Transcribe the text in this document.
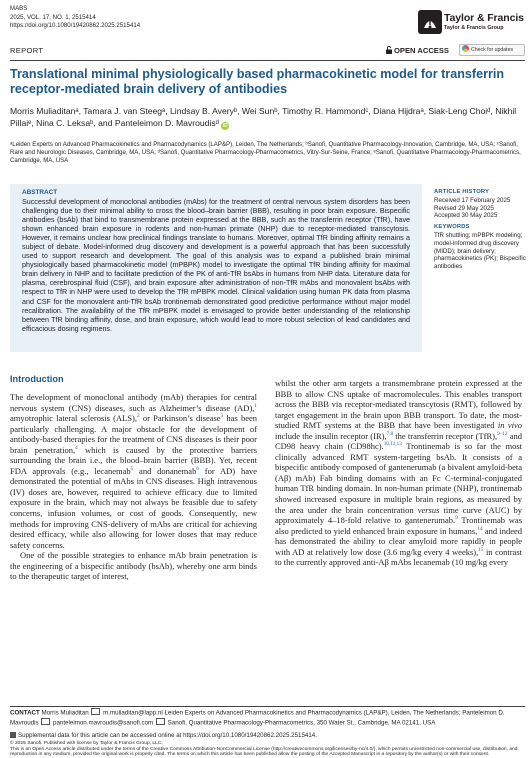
MABS
2025, VOL. 17, NO. 1, 2515414
https://doi.org/10.1080/19420862.2025.2515414
Taylor & Francis
Taylor & Francis Group
REPORT	OPEN ACCESS	Check for updates
Translational minimal physiologically based pharmacokinetic model for transferrin receptor-mediated brain delivery of antibodies
Morris Muliaditanᵃ, Tamara J. van Steegᵃ, Lindsay B. Averyᵇ, Wei Sunᵇ, Timothy R. Hammondᶜ, Diana Hijdraᵃ, Siak-Leng Choiᵈ, Nikhil Pillaiᵉ, Nina C. Leksaᵇ, and Panteleimon D. Mavroudisᵈ iD
ᵃLeiden Experts on Advanced Pharmacokinetics and Pharmacodynamics (LAP&P), Leiden, The Netherlands; ᵇSanofi, Quantitative Pharmacology-Innovation, Cambridge, MA, USA; ᶜSanofi, Rare and Neurologic Diseases, Cambridge, MA, USA; ᵈSanofi, Quantitative Pharmacology-Pharmacometrics, Vitry-Sur-Seine, France; ᵉSanofi, Quantitative Pharmacology-Pharmacometrics, Cambridge, MA, USA
ABSTRACT
Successful development of monoclonal antibodies (mAbs) for the treatment of central nervous system disorders has been challenging due to their minimal ability to cross the blood–brain barrier (BBB), resulting in poor brain exposure. Bispecific antibodies (bsAb) that bind to transmembrane protein expressed at the BBB, such as the transferrin receptor (TfR), have shown enhanced brain exposure in rodents and non-human primate (NHP) due to receptor-mediated transcytosis. However, it remains unclear how preclinical findings translate to humans. Moreover, optimal TfR binding affinity remains a subject of debate. Model-informed drug discovery and development is a powerful approach that has been successfully used to support research and development. The goal of this analysis was to expand a published brain minimal physiologically based pharmacokinetic model (mPBPK) model to investigate the optimal TfR binding affinity for maximal brain delivery in NHP and to facilitate prediction of the PK of anti-TfR bsAbs in humans from NHP data. Literature data for plasma, cerebrospinal fluid (CSF), and brain exposure after administration of non-TfR mAbs and monovalent bsAbs with respect to TfR in NHP were used to develop the TfR mPBPK model. Clinical validation using human PK data from plasma and CSF for the monovalent anti-TfR bsAb trontinemab demonstrated good predictive performance without major model recalibration. The availability of the TfR mPBPK model is envisaged to provide better understanding of the relationship between TfR binding affinity, dose, and brain exposure, which would lead to more robust selection of lead candidates and efficacious dosing regimens.
ARTICLE HISTORY
Received 17 February 2025
Revised 29 May 2025
Accepted 30 May 2025
KEYWORDS
TfR shuttling; mPBPK modeling; model-informed drug discovery (MIDD); brain delivery; pharmacokinetics (PK); Bispecific antibodies
Introduction

The development of monoclonal antibody (mAb) therapies for central nervous system (CNS) diseases, such as Alzheimer’s disease (AD),$^1$ amyotrophic lateral sclerosis (ALS),$^2$ or Parkinson’s disease$^3$ has been particularly challenging. A major obstacle for the development of antibody-based therapies for the treatment of CNS diseases is their poor brain penetration,$^4$ which is caused by the protective barriers surrounding the brain i.e., the blood–brain barrier (BBB). Yet, recent FDA approvals (e.g., lecanemab$^5$ and donanemab$^6$ for AD) have demonstrated the potential of mAbs in CNS diseases. High intravenous (IV) doses are, however, required to achieve efficacy due to limited exposure in the brain, which may not always be feasible due to safety concerns, infusion volumes, or cost of goods. Consequently, new methods for improving CNS-delivery of mAbs are critical for achieving desired efficacy, while also allowing for lower doses that may reduce safety concerns.

One of the possible strategies to enhance mAb brain penetration is the engineering of a bispecific antibody (bsAb), whereby one arm binds to the therapeutic target of interest,

whilst the other arm targets a transmembrane protein expressed at the BBB to allow CNS uptake of macromolecules. This enables transport across the BBB via receptor-mediated transcytosis (RMT), followed by target engagement in the brain upon BBB transport. To date, the most-studied RMT systems at the BBB that have been investigated in vivo include the insulin receptor (IR),$^{7,8}$ the transferrin receptor (TfR),$^{9-12}$ and CD98 heavy chain (CD98hc).$^{10,12,13}$ Trontinemab is so far the most clinically advanced RMT system-targeting bsAb. It consists of a bispecific antibody composed of gantenerumab (a bivalent amyloid-beta (Aβ) mAb) Fab binding domains with an Fc C-terminal-conjugated human TfR binding domain. In non-human primate (NHP), trontinemab showed increased exposure in multiple brain regions, as measured by the area under the brain concentration versus time curve (AUC) by approximately 4–18-fold relative to gantenerumab.$^9$ Trontinemab was also predicted to yield enhanced brain exposure in humans,$^{14}$ and indeed has demonstrated the ability to clear amyloid more rapidly in people with AD at relatively low dose (3.6 mg/kg every 4 weeks),$^{15}$ in contrast to the currently approved anti-Aβ mAbs lecanemab (10 mg/kg every

CONTACT Morris Muliaditan m.muliaditan@lapp.nl Leiden Experts on Advanced Pharmacokinetics and Pharmacodynamics (LAP&P), Leiden, The Netherlands; Panteleimon D. Mavroudis panteleimon.mavroudis@sanofi.com Sanofi, Quantitative Pharmacology-Pharmacometrics, 350 Water St., Cambridge, MA 02141, USA
Supplemental data for this article can be accessed online at https://doi.org/10.1080/19420862.2025.2515414.
© 2025 Sanofi. Published with license by Taylor & Francis Group, LLC.
This is an Open Access article distributed under the terms of the Creative Commons Attribution-NonCommercial License (http://creativecommons.org/licenses/by-nc/4.0/), which permits unrestricted non-commercial use, distribution, and reproduction in any medium, provided the original work is properly cited. The terms on which this article has been published allow the posting of the Accepted Manuscript in a repository by the author(s) or with their consent.
